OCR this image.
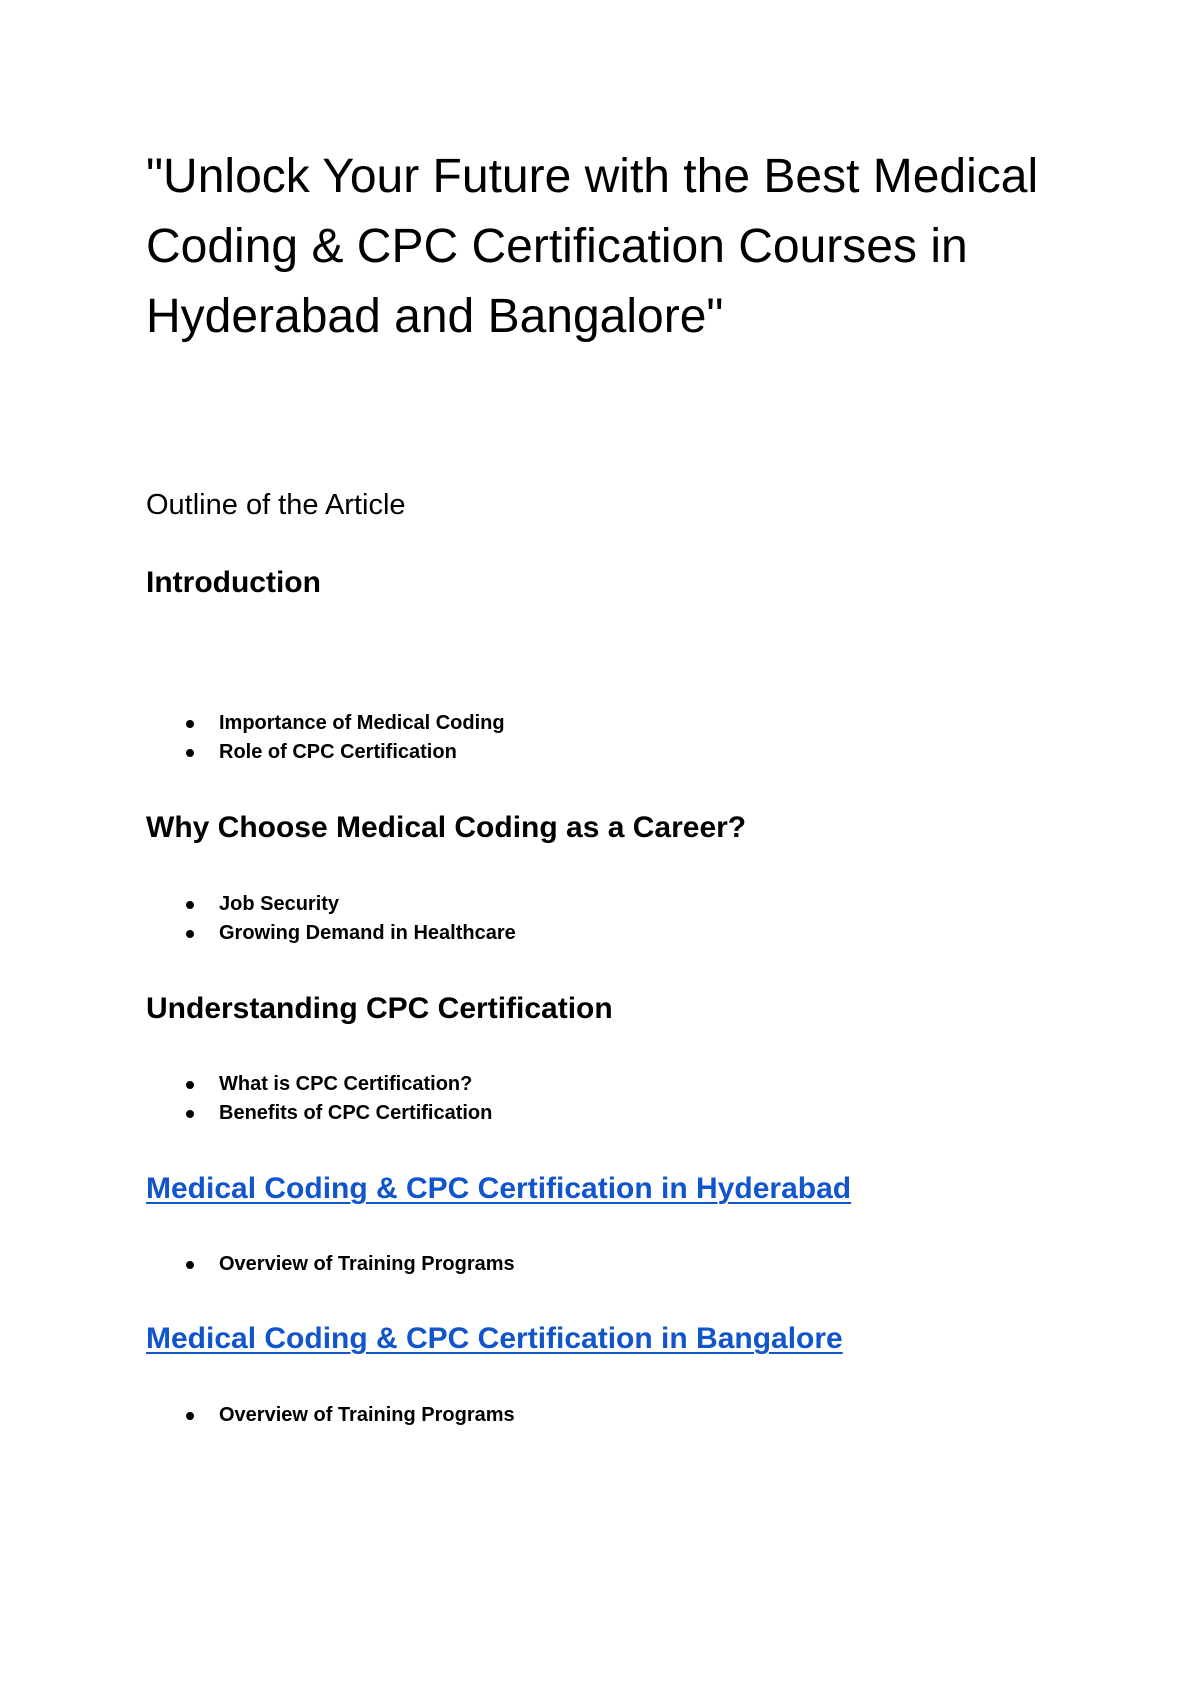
"Unlock Your Future with the Best Medical Coding & CPC Certification Courses in Hyderabad and Bangalore"

Outline of the Article

Introduction
Importance of Medical Coding
Role of CPC Certification
Why Choose Medical Coding as a Career?
Job Security
Growing Demand in Healthcare
Understanding CPC Certification
What is CPC Certification?
Benefits of CPC Certification
Medical Coding & CPC Certification in Hyderabad
Overview of Training Programs
Medical Coding & CPC Certification in Bangalore
Overview of Training Programs
